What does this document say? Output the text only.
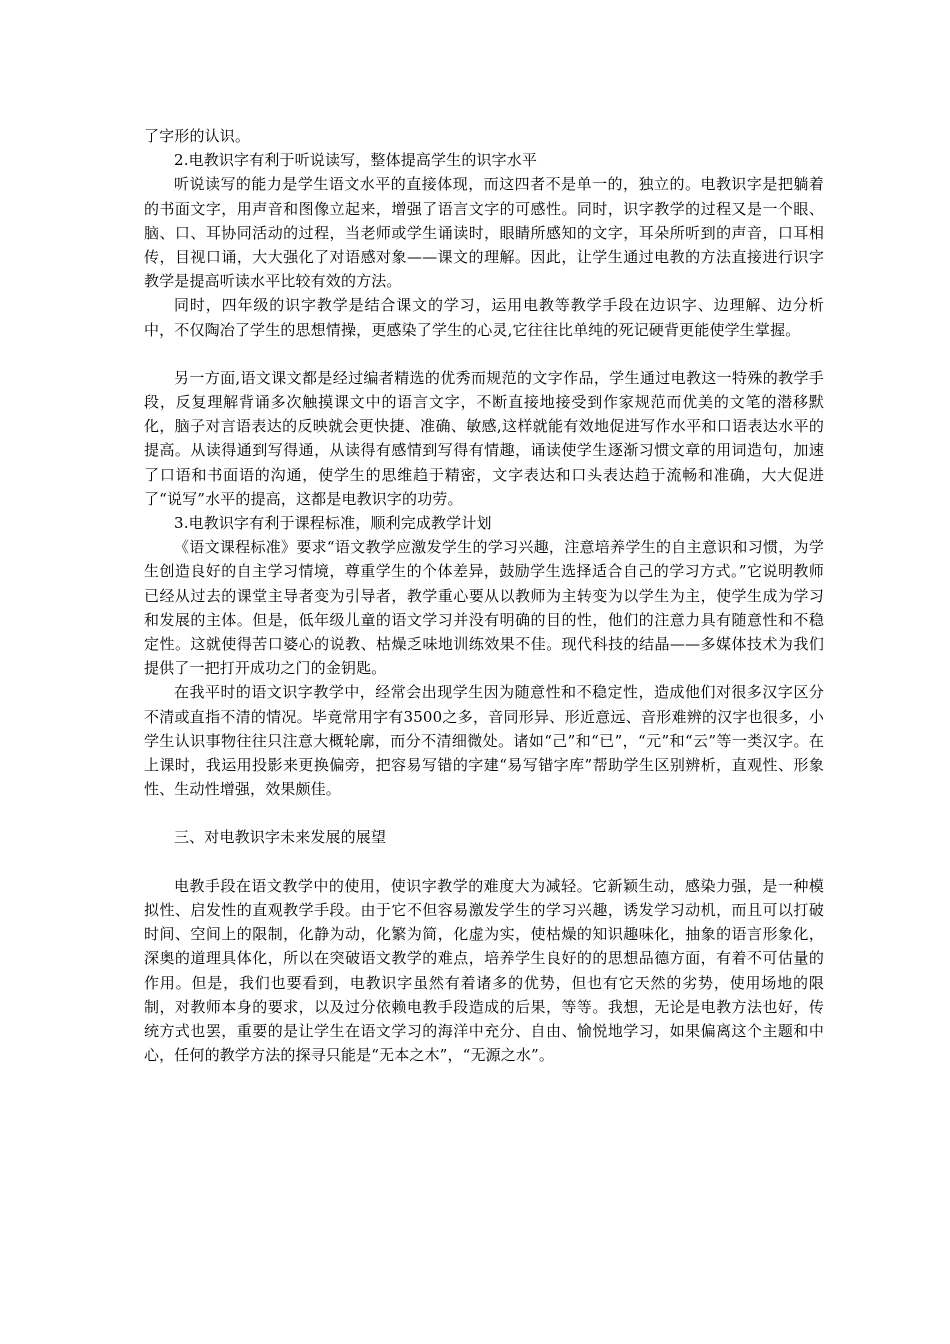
了字形的认识。

2.电教识字有利于听说读写，整体提高学生的识字水平

听说读写的能力是学生语文水平的直接体现，而这四者不是单一的，独立的。电教识字是把躺着的书面文字，用声音和图像立起来，增强了语言文字的可感性。同时，识字教学的过程又是一个眼、脑、口、耳协同活动的过程，当老师或学生诵读时，眼睛所感知的文字，耳朵所听到的声音，口耳相传，目视口诵，大大强化了对语感对象——课文的理解。因此，让学生通过电教的方法直接进行识字教学是提高听读水平比较有效的方法。

同时，四年级的识字教学是结合课文的学习，运用电教等教学手段在边识字、边理解、边分析中，不仅陶冶了学生的思想情操，更感染了学生的心灵,它往往比单纯的死记硬背更能使学生掌握。

另一方面,语文课文都是经过编者精选的优秀而规范的文字作品，学生通过电教这一特殊的教学手段，反复理解背诵多次触摸课文中的语言文字，不断直接地接受到作家规范而优美的文笔的潜移默化，脑子对言语表达的反映就会更快捷、准确、敏感,这样就能有效地促进写作水平和口语表达水平的提高。从读得通到写得通，从读得有感情到写得有情趣，诵读使学生逐渐习惯文章的用词造句，加速了口语和书面语的沟通，使学生的思维趋于精密，文字表达和口头表达趋于流畅和准确，大大促进了“说写”水平的提高，这都是电教识字的功劳。

3.电教识字有利于课程标准，顺利完成教学计划

《语文课程标准》要求“语文教学应激发学生的学习兴趣，注意培养学生的自主意识和习惯，为学生创造良好的自主学习情境，尊重学生的个体差异，鼓励学生选择适合自己的学习方式。”它说明教师已经从过去的课堂主导者变为引导者，教学重心要从以教师为主转变为以学生为主，使学生成为学习和发展的主体。但是，低年级儿童的语文学习并没有明确的目的性，他们的注意力具有随意性和不稳定性。这就使得苦口婆心的说教、枯燥乏味地训练效果不佳。现代科技的结晶——多媒体技术为我们提供了一把打开成功之门的金钥匙。

在我平时的语文识字教学中，经常会出现学生因为随意性和不稳定性，造成他们对很多汉字区分不清或直指不清的情况。毕竟常用字有3500之多，音同形异、形近意远、音形难辨的汉字也很多，小学生认识事物往往只注意大概轮廓，而分不清细微处。诸如“己”和“已”，“元”和“云”等一类汉字。在上课时，我运用投影来更换偏旁，把容易写错的字建“易写错字库”帮助学生区别辨析，直观性、形象性、生动性增强，效果颇佳。

三、对电教识字未来发展的展望

电教手段在语文教学中的使用，使识字教学的难度大为减轻。它新颖生动，感染力强，是一种模拟性、启发性的直观教学手段。由于它不但容易激发学生的学习兴趣，诱发学习动机，而且可以打破时间、空间上的限制，化静为动，化繁为简，化虚为实，使枯燥的知识趣味化，抽象的语言形象化，深奥的道理具体化，所以在突破语文教学的难点，培养学生良好的的思想品德方面，有着不可估量的作用。但是，我们也要看到，电教识字虽然有着诸多的优势，但也有它天然的劣势，使用场地的限制，对教师本身的要求，以及过分依赖电教手段造成的后果，等等。我想，无论是电教方法也好，传统方式也罢，重要的是让学生在语文学习的海洋中充分、自由、愉悦地学习，如果偏离这个主题和中心，任何的教学方法的探寻只能是“无本之木”，“无源之水”。
